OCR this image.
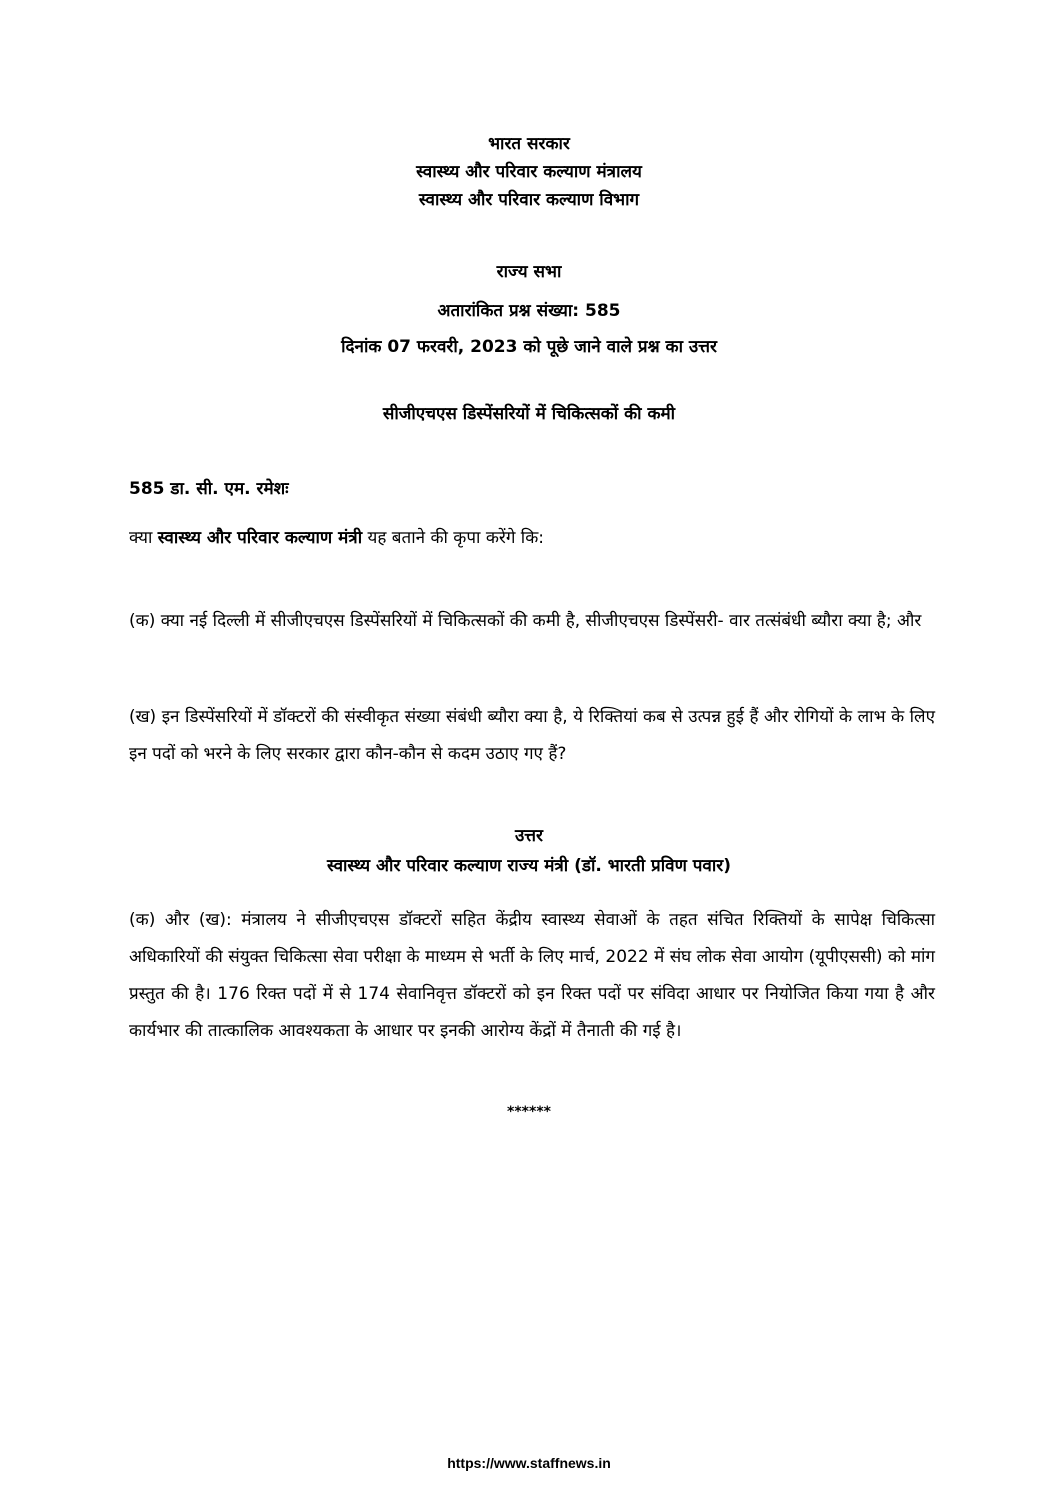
भारत सरकार
स्वास्थ्य और परिवार कल्याण मंत्रालय
स्वास्थ्य और परिवार कल्याण विभाग
राज्य सभा
अतारांकित प्रश्न संख्या: 585
दिनांक 07 फरवरी, 2023 को पूछे जाने वाले प्रश्न का उत्तर
सीजीएचएस डिस्पेंसरियों में चिकित्सकों की कमी
585 डा. सी. एम. रमेशः
क्या स्वास्थ्य और परिवार कल्याण मंत्री यह बताने की कृपा करेंगे कि:
(क) क्या नई दिल्ली में सीजीएचएस डिस्पेंसरियों में चिकित्सकों की कमी है, सीजीएचएस डिस्पेंसरी- वार तत्संबंधी ब्यौरा क्या है; और
(ख) इन डिस्पेंसरियों में डॉक्टरों की संस्वीकृत संख्या संबंधी ब्यौरा क्या है, ये रिक्तियां कब से उत्पन्न हुई हैं और रोगियों के लाभ के लिए इन पदों को भरने के लिए सरकार द्वारा कौन-कौन से कदम उठाए गए हैं?
उत्तर
स्वास्थ्य और परिवार कल्याण राज्य मंत्री (डॉ. भारती प्रविण पवार)
(क) और (ख): मंत्रालय ने सीजीएचएस डॉक्टरों सहित केंद्रीय स्वास्थ्य सेवाओं के तहत संचित रिक्तियों के सापेक्ष चिकित्सा अधिकारियों की संयुक्त चिकित्सा सेवा परीक्षा के माध्यम से भर्ती के लिए मार्च, 2022 में संघ लोक सेवा आयोग (यूपीएससी) को मांग प्रस्तुत की है। 176 रिक्त पदों में से 174 सेवानिवृत्त डॉक्टरों को इन रिक्त पदों पर संविदा आधार पर नियोजित किया गया है और कार्यभार की तात्कालिक आवश्यकता के आधार पर इनकी आरोग्य केंद्रों में तैनाती की गई है।
******
https://www.staffnews.in
